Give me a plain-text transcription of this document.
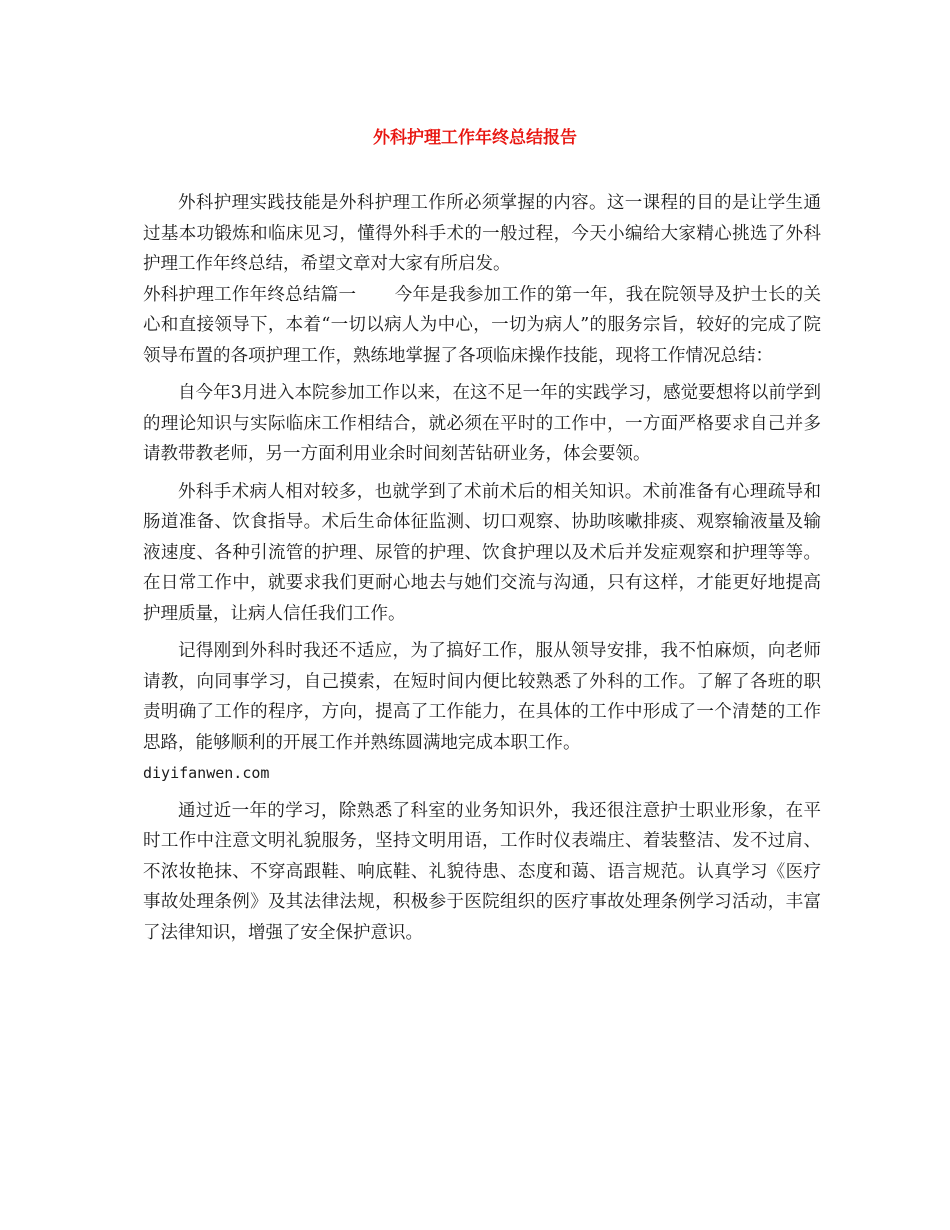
外科护理工作年终总结报告

外科护理实践技能是外科护理工作所必须掌握的内容。这一课程的目的是让学生通过基本功锻炼和临床见习，懂得外科手术的一般过程，今天小编给大家精心挑选了外科护理工作年终总结，希望文章对大家有所启发。

外科护理工作年终总结篇一 今年是我参加工作的第一年，我在院领导及护士长的关心和直接领导下，本着“一切以病人为中心，一切为病人”的服务宗旨，较好的完成了院领导布置的各项护理工作，熟练地掌握了各项临床操作技能，现将工作情况总结：

自今年3月进入本院参加工作以来，在这不足一年的实践学习，感觉要想将以前学到的理论知识与实际临床工作相结合，就必须在平时的工作中，一方面严格要求自己并多请教带教老师，另一方面利用业余时间刻苦钻研业务，体会要领。

外科手术病人相对较多，也就学到了术前术后的相关知识。术前准备有心理疏导和肠道准备、饮食指导。术后生命体征监测、切口观察、协助咳嗽排痰、观察输液量及输液速度、各种引流管的护理、尿管的护理、饮食护理以及术后并发症观察和护理等等。在日常工作中，就要求我们更耐心地去与她们交流与沟通，只有这样，才能更好地提高护理质量，让病人信任我们工作。

记得刚到外科时我还不适应，为了搞好工作，服从领导安排，我不怕麻烦，向老师请教，向同事学习，自己摸索，在短时间内便比较熟悉了外科的工作。了解了各班的职责明确了工作的程序，方向，提高了工作能力，在具体的工作中形成了一个清楚的工作思路，能够顺利的开展工作并熟练圆满地完成本职工作。

diyifanwen.com

通过近一年的学习，除熟悉了科室的业务知识外，我还很注意护士职业形象，在平时工作中注意文明礼貌服务，坚持文明用语，工作时仪表端庄、着装整洁、发不过肩、不浓妆艳抹、不穿高跟鞋、响底鞋、礼貌待患、态度和蔼、语言规范。认真学习《医疗事故处理条例》及其法律法规，积极参于医院组织的医疗事故处理条例学习活动，丰富了法律知识，增强了安全保护意识。
